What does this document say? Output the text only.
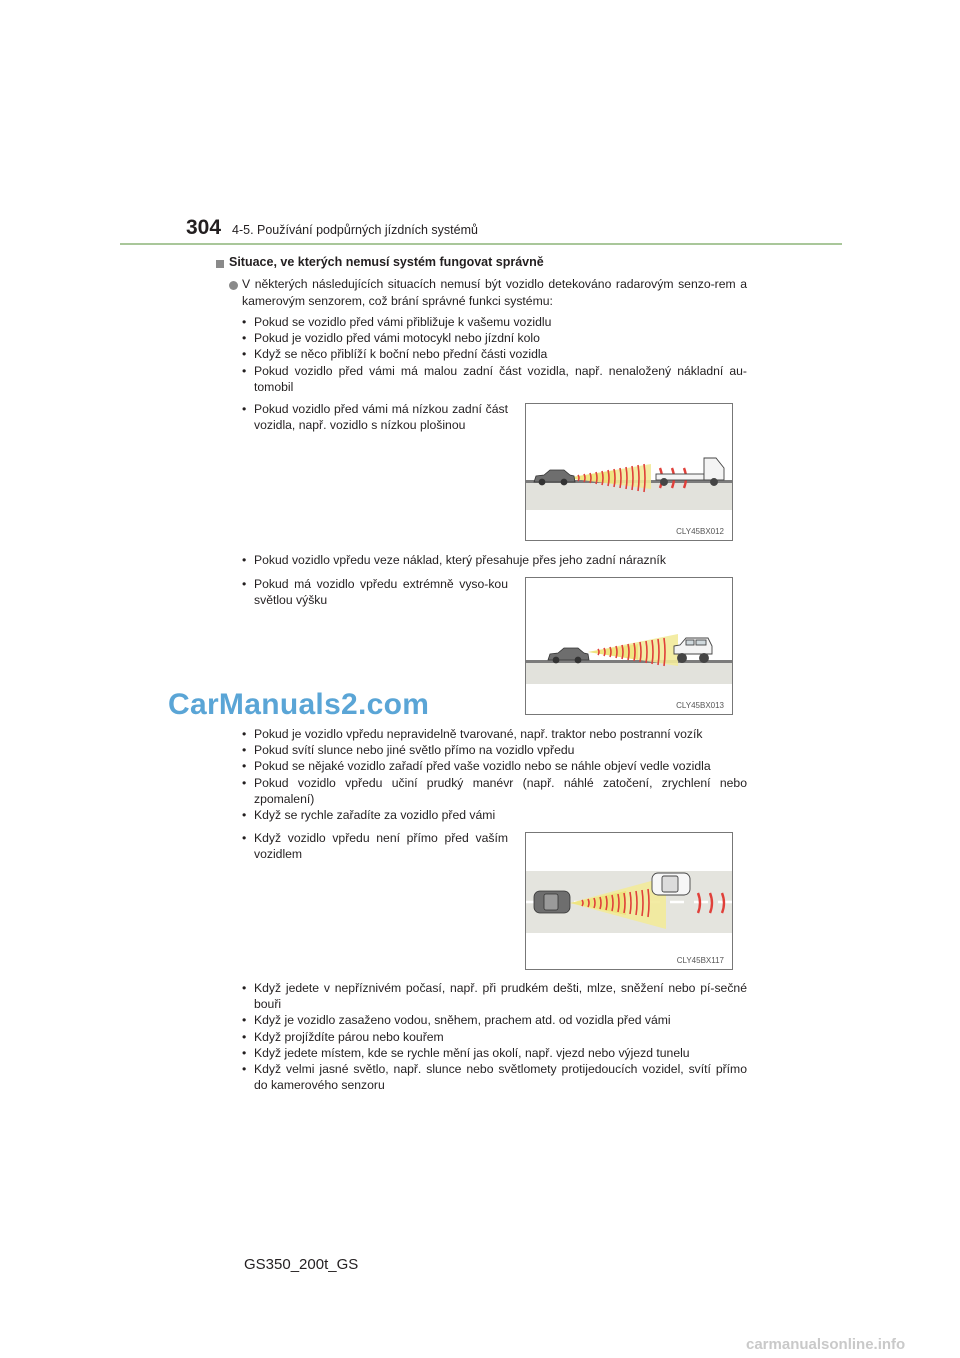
304 4-5. Používání podpůrných jízdních systémů
Situace, ve kterých nemusí systém fungovat správně
V některých následujících situacích nemusí být vozidlo detekováno radarovým senzo-rem a kamerovým senzorem, což brání správné funkci systému:
• Pokud se vozidlo před vámi přibližuje k vašemu vozidlu
• Pokud je vozidlo před vámi motocykl nebo jízdní kolo
• Když se něco přiblíží k boční nebo přední části vozidla
• Pokud vozidlo před vámi má malou zadní část vozidla, např. nenaložený nákladní au-tomobil
• Pokud vozidlo před vámi má nízkou zadní část vozidla, např. vozidlo s nízkou plošinou
CLY45BX012
• Pokud vozidlo vpředu veze náklad, který přesahuje přes jeho zadní nárazník
• Pokud má vozidlo vpředu extrémně vyso-kou světlou výšku
CLY45BX013
CarManuals2.com
• Pokud je vozidlo vpředu nepravidelně tvarované, např. traktor nebo postranní vozík
• Pokud svítí slunce nebo jiné světlo přímo na vozidlo vpředu
• Pokud se nějaké vozidlo zařadí před vaše vozidlo nebo se náhle objeví vedle vozidla
• Pokud vozidlo vpředu učiní prudký manévr (např. náhlé zatočení, zrychlení nebo zpomalení)
• Když se rychle zařadíte za vozidlo před vámi
• Když vozidlo vpředu není přímo před vaším vozidlem
CLY45BX117
• Když jedete v nepříznivém počasí, např. při prudkém dešti, mlze, sněžení nebo pí-sečné bouři
• Když je vozidlo zasaženo vodou, sněhem, prachem atd. od vozidla před vámi
• Když projíždíte párou nebo kouřem
• Když jedete místem, kde se rychle mění jas okolí, např. vjezd nebo výjezd tunelu
• Když velmi jasné světlo, např. slunce nebo světlomety protijedoucích vozidel, svítí přímo do kamerového senzoru
GS350_200t_GS
carmanualsonline.info
